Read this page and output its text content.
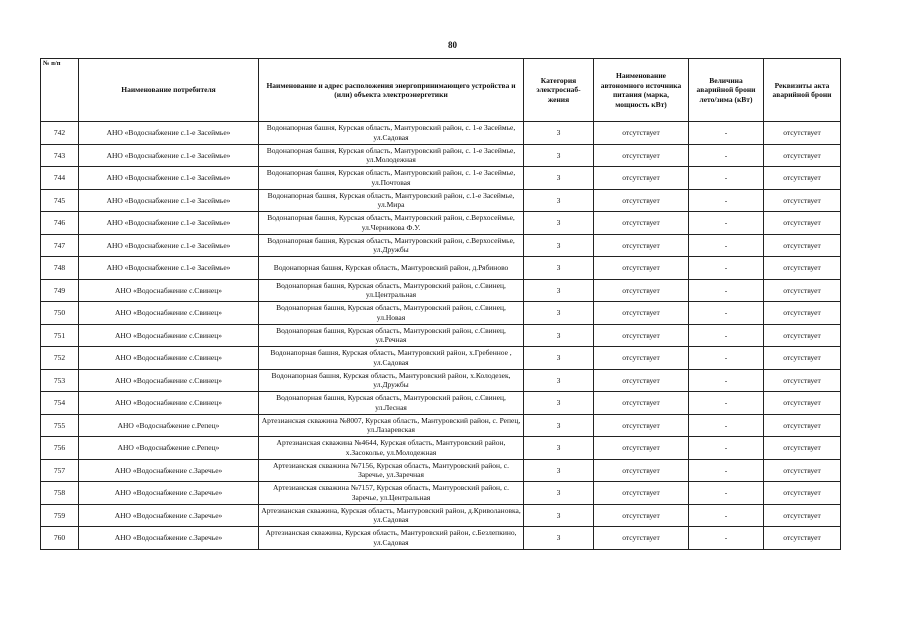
80
№ п/п	Наименование потребителя	Наименование и адрес расположения энергопринимающего устройства и (или) объекта электроэнергетики	Категория электроснаб-жения	Наименование автономного источника питания (марка, мощность кВт)	Величина аварийной брони лето/зима (кВт)	Реквизиты акта аварийной брони
742	АНО «Водоснабжение с.1-е Засеймье»	Водонапорная башня, Курская область, Мантуровский район, с. 1-е Засеймье, ул.Садовая	3	отсутствует	-	отсутствует
743	АНО «Водоснабжение с.1-е Засеймье»	Водонапорная башня, Курская область, Мантуровский район, с. 1-е Засеймье, ул.Молодежная	3	отсутствует	-	отсутствует
744	АНО «Водоснабжение с.1-е Засеймье»	Водонапорная башня, Курская область, Мантуровский район, с. 1-е Засеймье, ул.Почтовая	3	отсутствует	-	отсутствует
745	АНО «Водоснабжение с.1-е Засеймье»	Водонапорная башня, Курская область, Мантуровский район, с.1-е Засеймье, ул.Мира	3	отсутствует	-	отсутствует
746	АНО «Водоснабжение с.1-е Засеймье»	Водонапорная башня, Курская область, Мантуровский район, с.Верхосеймье, ул.Черникова Ф.У.	3	отсутствует	-	отсутствует
747	АНО «Водоснабжение с.1-е Засеймье»	Водонапорная башня, Курская область, Мантуровский район, с.Верхосеймье, ул.Дружбы	3	отсутствует	-	отсутствует
748	АНО «Водоснабжение с.1-е Засеймье»	Водонапорная башня, Курская область, Мантуровский район, д.Рябиново	3	отсутствует	-	отсутствует
749	АНО «Водоснабжение с.Свинец»	Водонапорная башня, Курская область, Мантуровский район, с.Свинец, ул.Центральная	3	отсутствует	-	отсутствует
750	АНО «Водоснабжение с.Свинец»	Водонапорная башня, Курская область, Мантуровский район, с.Свинец, ул.Новая	3	отсутствует	-	отсутствует
751	АНО «Водоснабжение с.Свинец»	Водонапорная башня, Курская область, Мантуровский район, с.Свинец, ул.Речная	3	отсутствует	-	отсутствует
752	АНО «Водоснабжение с.Свинец»	Водонапорная башня, Курская область, Мантуровский район, х.Гребенное , ул.Садовая	3	отсутствует	-	отсутствует
753	АНО «Водоснабжение с.Свинец»	Водонапорная башня, Курская область, Мантуровский район, х.Колодезек, ул.Дружбы	3	отсутствует	-	отсутствует
754	АНО «Водоснабжение с.Свинец»	Водонапорная башня, Курская область, Мантуровский район, с.Свинец, ул.Лесная	3	отсутствует	-	отсутствует
755	АНО «Водоснабжение с.Репец»	Артезианская скважина №8007, Курская область, Мантуровский район, с. Репец, ул.Лазаревская	3	отсутствует	-	отсутствует
756	АНО «Водоснабжение с.Репец»	Артезианская скважина №4644, Курская область, Мантуровский район, х.Засоколье, ул.Молодежная	3	отсутствует	-	отсутствует
757	АНО «Водоснабжение с.Заречье»	Артезианская скважина №7156, Курская область, Мантуровский район, с. Заречье, ул.Заречная	3	отсутствует	-	отсутствует
758	АНО «Водоснабжение с.Заречье»	Артезианская скважина №7157, Курская область, Мантуровский район, с. Заречье, ул.Центральная	3	отсутствует	-	отсутствует
759	АНО «Водоснабжение с.Заречье»	Артезианская скважина, Курская область, Мантуровский район, д.Криволановка, ул.Садовая	3	отсутствует	-	отсутствует
760	АНО «Водоснабжение с.Заречье»	Артезианская скважина, Курская область, Мантуровский район, с.Безлепкино, ул.Садовая	3	отсутствует	-	отсутствует
